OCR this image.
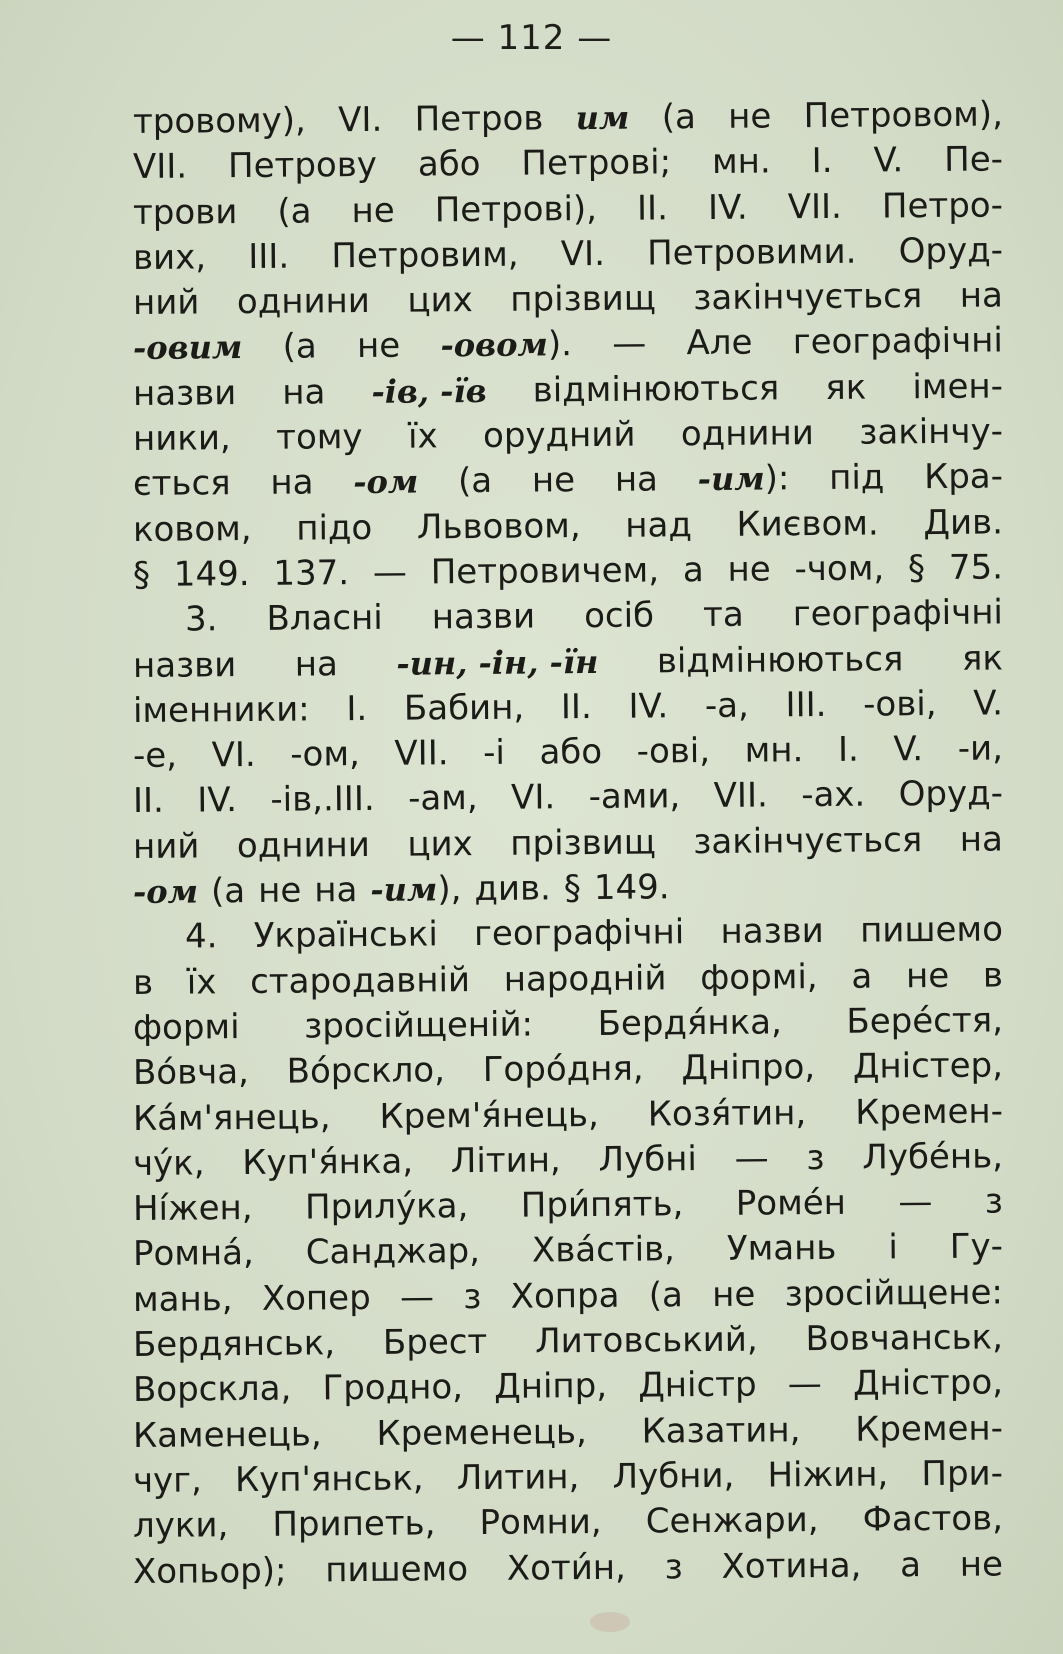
— 112 —
тровому), VI. Петров им (а не Петровом),
VII. Петрову або Петрові; мн. I. V. Пе-
трови (а не Петрові), II. IV. VII. Петро-
вих, III. Петровим, VI. Петровими. Оруд-
ний однини цих прізвищ закінчується на
-овим (а не -овом). — Але географічні
назви на -ів, -їв відмінюються як імен-
ники, тому їх орудний однини закінчу-
ється на -ом (а не на -им): під Кра-
ковом, підо Львовом, над Києвом. Див.
§ 149. 137. — Петровичем, а не -чом, § 75.
3. Власні назви осіб та географічні
назви на -ин, -ін, -їн відмінюються як
іменники: I. Бабин, II. IV. -а, III. -ові, V.
-е, VI. -ом, VII. -і або -ові, мн. I. V. -и,
II. IV. -ів,.III. -ам, VI. -ами, VII. -ах. Оруд-
ний однини цих прізвищ закінчується на
-ом (а не на -им), див. § 149.
4. Українські географічні назви пишемо
в їх стародавній народній формі, а не в
формі зросійщеній: Бердя́нка, Бере́стя,
Во́вча, Во́рскло, Горо́дня, Дніпро, Дністер,
Ка́м'янець, Крем'я́нець, Козя́тин, Кремен-
чу́к, Куп'я́нка, Літин, Лубні — з Лубе́нь,
Ні́жен, Прилу́ка, При́пять, Роме́н — з
Ромна́, Санджар, Хва́стів, Умань і Гу-
мань, Хопер — з Хопра (а не зросійщене:
Бердянськ, Брест Литовський, Вовчанськ,
Ворскла, Гродно, Дніпр, Дністр — Дністро,
Каменець, Кременець, Казатин, Кремен-
чуг, Куп'янськ, Литин, Лубни, Ніжин, При-
луки, Припеть, Ромни, Сенжари, Фастов,
Хопьор); пишемо Хоти́н, з Хотина, а не
